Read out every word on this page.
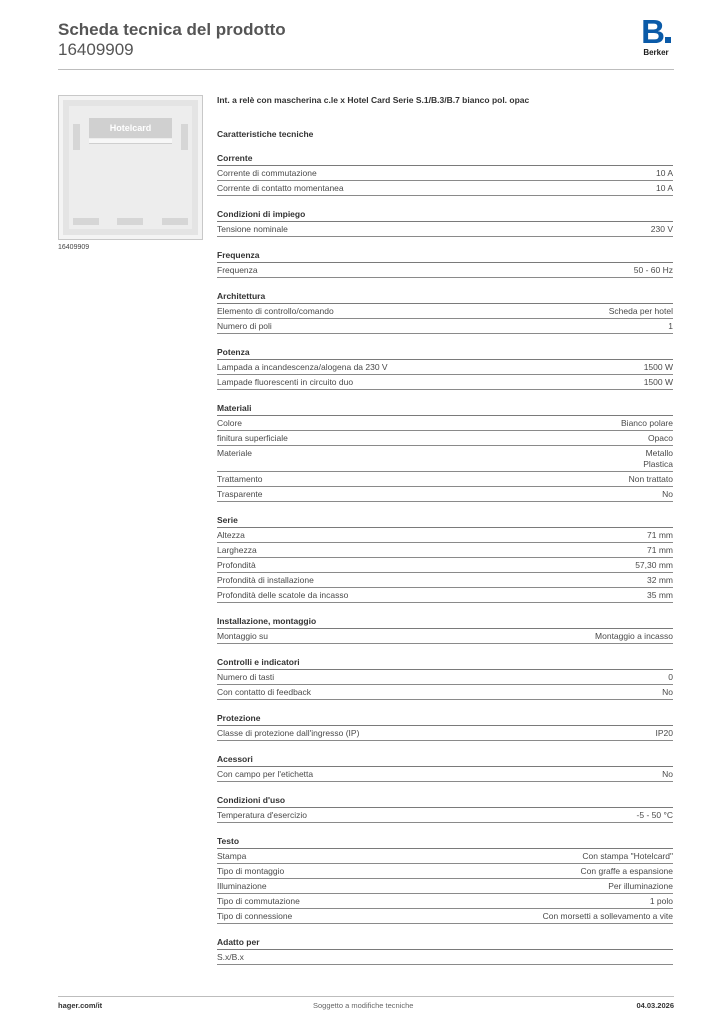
Scheda tecnica del prodotto
16409909	B
Berker
Hotelcard
16409909
Int. a relè con mascherina c.le x Hotel Card Serie S.1/B.3/B.7 bianco pol. opac
Caratteristiche tecniche
Corrente
Corrente di commutazione	10 A
Corrente di contatto momentanea	10 A
Condizioni di impiego
Tensione nominale	230 V
Frequenza
Frequenza	50 - 60 Hz
Architettura
Elemento di controllo/comando	Scheda per hotel
Numero di poli	1
Potenza
Lampada a incandescenza/alogena da 230 V	1500 W
Lampade fluorescenti in circuito duo	1500 W
Materiali
Colore	Bianco polare
finitura superficiale	Opaco
Materiale	Metallo
Plastica
Trattamento	Non trattato
Trasparente	No
Serie
Altezza	71 mm
Larghezza	71 mm
Profondità	57,30 mm
Profondità di installazione	32 mm
Profondità delle scatole da incasso	35 mm
Installazione, montaggio
Montaggio su	Montaggio a incasso
Controlli e indicatori
Numero di tasti	0
Con contatto di feedback	No
Protezione
Classe di protezione dall'ingresso (IP)	IP20
Acessori
Con campo per l'etichetta	No
Condizioni d'uso
Temperatura d'esercizio	-5 - 50 °C
Testo
Stampa	Con stampa "Hotelcard"
Tipo di montaggio	Con graffe a espansione
Illuminazione	Per illuminazione
Tipo di commutazione	1 polo
Tipo di connessione	Con morsetti a sollevamento a vite
Adatto per
S.x/B.x
hager.com/it	Soggetto a modifiche tecniche	04.03.2026
